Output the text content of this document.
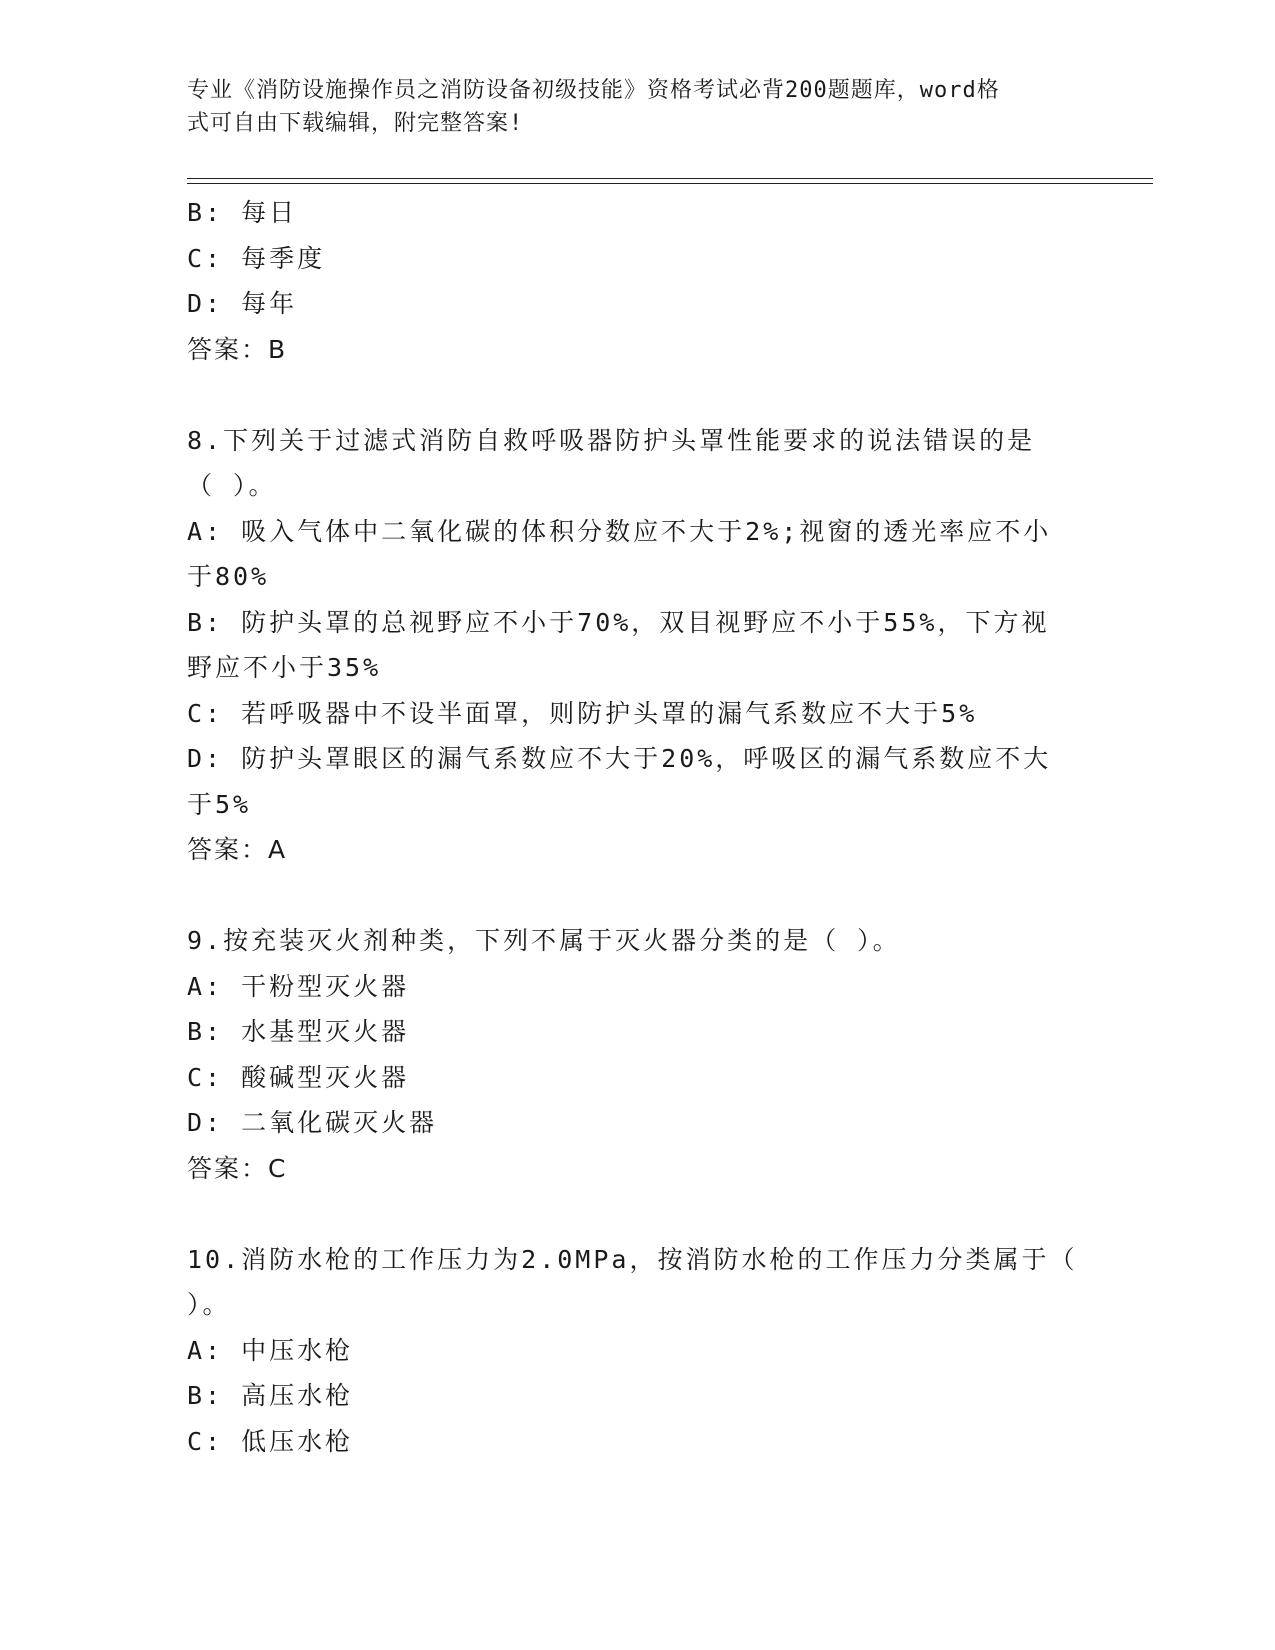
专业《消防设施操作员之消防设备初级技能》资格考试必背200题题库，word格
式可自由下载编辑，附完整答案!
B: 每日
C: 每季度
D: 每年
答案：B
8.下列关于过滤式消防自救呼吸器防护头罩性能要求的说法错误的是
（ ）。
A: 吸入气体中二氧化碳的体积分数应不大于2%;视窗的透光率应不小
于80%
B: 防护头罩的总视野应不小于70%，双目视野应不小于55%，下方视
野应不小于35%
C: 若呼吸器中不设半面罩，则防护头罩的漏气系数应不大于5%
D: 防护头罩眼区的漏气系数应不大于20%，呼吸区的漏气系数应不大
于5%
答案：A
9.按充装灭火剂种类，下列不属于灭火器分类的是（ ）。
A: 干粉型灭火器
B: 水基型灭火器
C: 酸碱型灭火器
D: 二氧化碳灭火器
答案：C
10.消防水枪的工作压力为2.0MPa，按消防水枪的工作压力分类属于（
）。
A: 中压水枪
B: 高压水枪
C: 低压水枪
